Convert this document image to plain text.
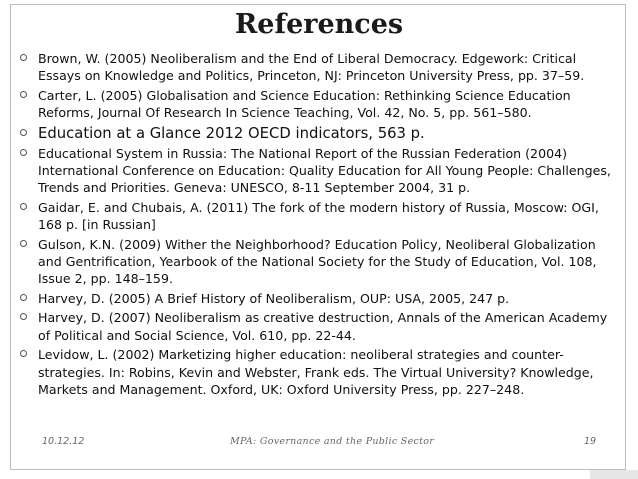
References
Brown, W. (2005) Neoliberalism and the End of Liberal Democracy. Edgework: Critical Essays on Knowledge and Politics, Princeton, NJ: Princeton University Press, pp. 37–59.
Carter, L. (2005) Globalisation and Science Education: Rethinking Science Education Reforms, Journal Of Research In Science Teaching, Vol. 42, No. 5, pp. 561–580.
Education at a Glance 2012 OECD indicators, 563 p.
Educational System in Russia: The National Report of the Russian Federation (2004) International Conference on Education: Quality Education for All Young People: Challenges, Trends and Priorities. Geneva: UNESCO, 8-11 September 2004, 31 p.
Gaidar, E. and Chubais, A. (2011) The fork of the modern history of Russia, Moscow: OGI, 168 p. [in Russian]
Gulson, K.N. (2009) Wither the Neighborhood? Education Policy, Neoliberal Globalization and Gentrification, Yearbook of the National Society for the Study of Education, Vol. 108, Issue 2, pp. 148–159.
Harvey, D. (2005) A Brief History of Neoliberalism, OUP: USA, 2005, 247 p.
Harvey, D. (2007) Neoliberalism as creative destruction, Annals of the American Academy of Political and Social Science, Vol. 610, pp. 22-44.
Levidow, L. (2002) Marketizing higher education: neoliberal strategies and counter-strategies. In: Robins, Kevin and Webster, Frank eds. The Virtual University? Knowledge, Markets and Management. Oxford, UK: Oxford University Press, pp. 227–248.
10.12.12	MPA: Governance and the Public Sector	19
